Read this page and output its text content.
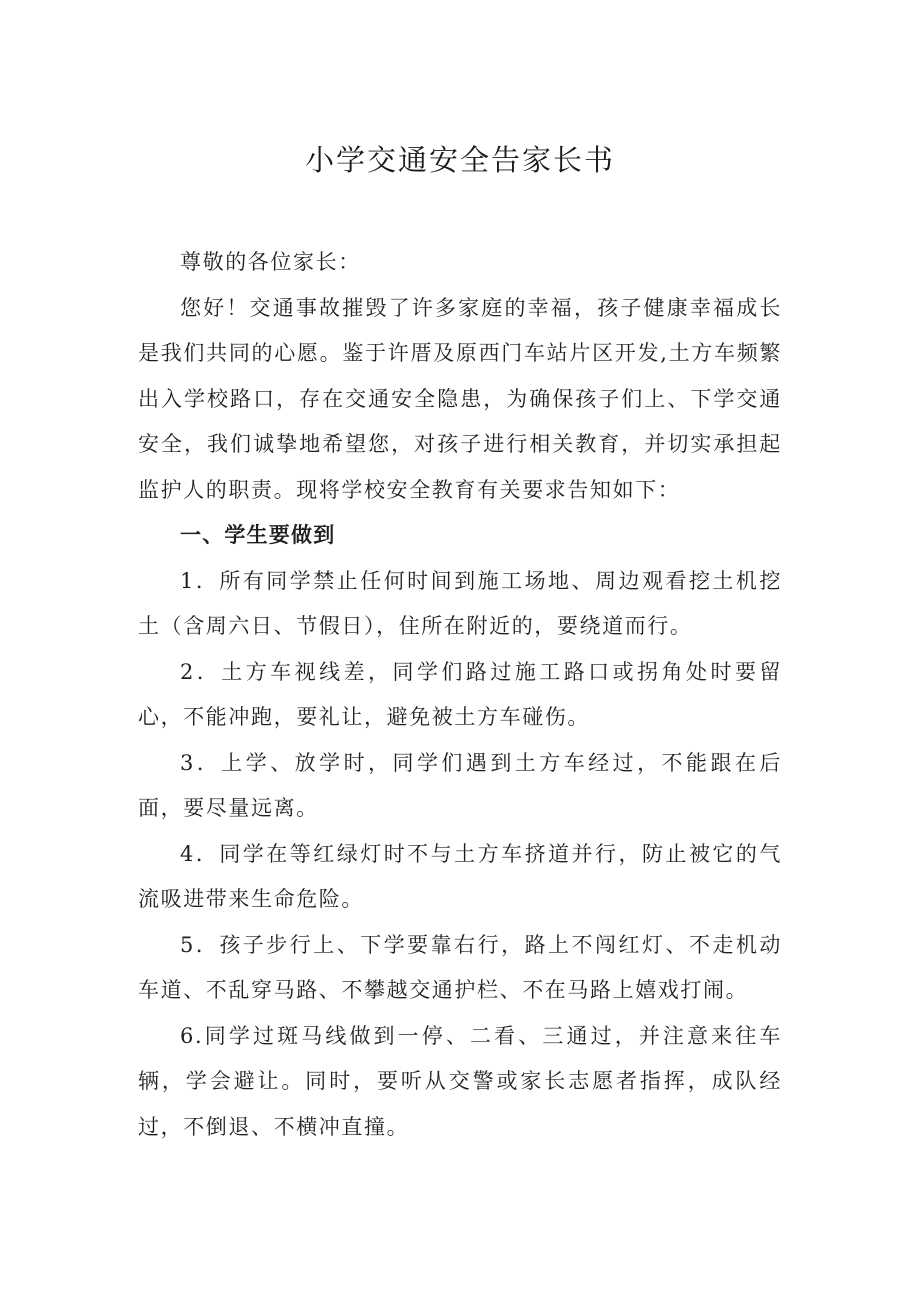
小学交通安全告家长书

尊敬的各位家长：

您好！交通事故摧毁了许多家庭的幸福，孩子健康幸福成长是我们共同的心愿。鉴于许厝及原西门车站片区开发,土方车频繁出入学校路口，存在交通安全隐患，为确保孩子们上、下学交通安全，我们诚挚地希望您，对孩子进行相关教育，并切实承担起监护人的职责。现将学校安全教育有关要求告知如下：

一、学生要做到

1．所有同学禁止任何时间到施工场地、周边观看挖土机挖土（含周六日、节假日），住所在附近的，要绕道而行。

2．土方车视线差，同学们路过施工路口或拐角处时要留心，不能冲跑，要礼让，避免被土方车碰伤。

3．上学、放学时，同学们遇到土方车经过，不能跟在后面，要尽量远离。

4．同学在等红绿灯时不与土方车挤道并行，防止被它的气流吸进带来生命危险。

5．孩子步行上、下学要靠右行，路上不闯红灯、不走机动车道、不乱穿马路、不攀越交通护栏、不在马路上嬉戏打闹。

6.同学过斑马线做到一停、二看、三通过，并注意来往车辆，学会避让。同时，要听从交警或家长志愿者指挥，成队经过，不倒退、不横冲直撞。
